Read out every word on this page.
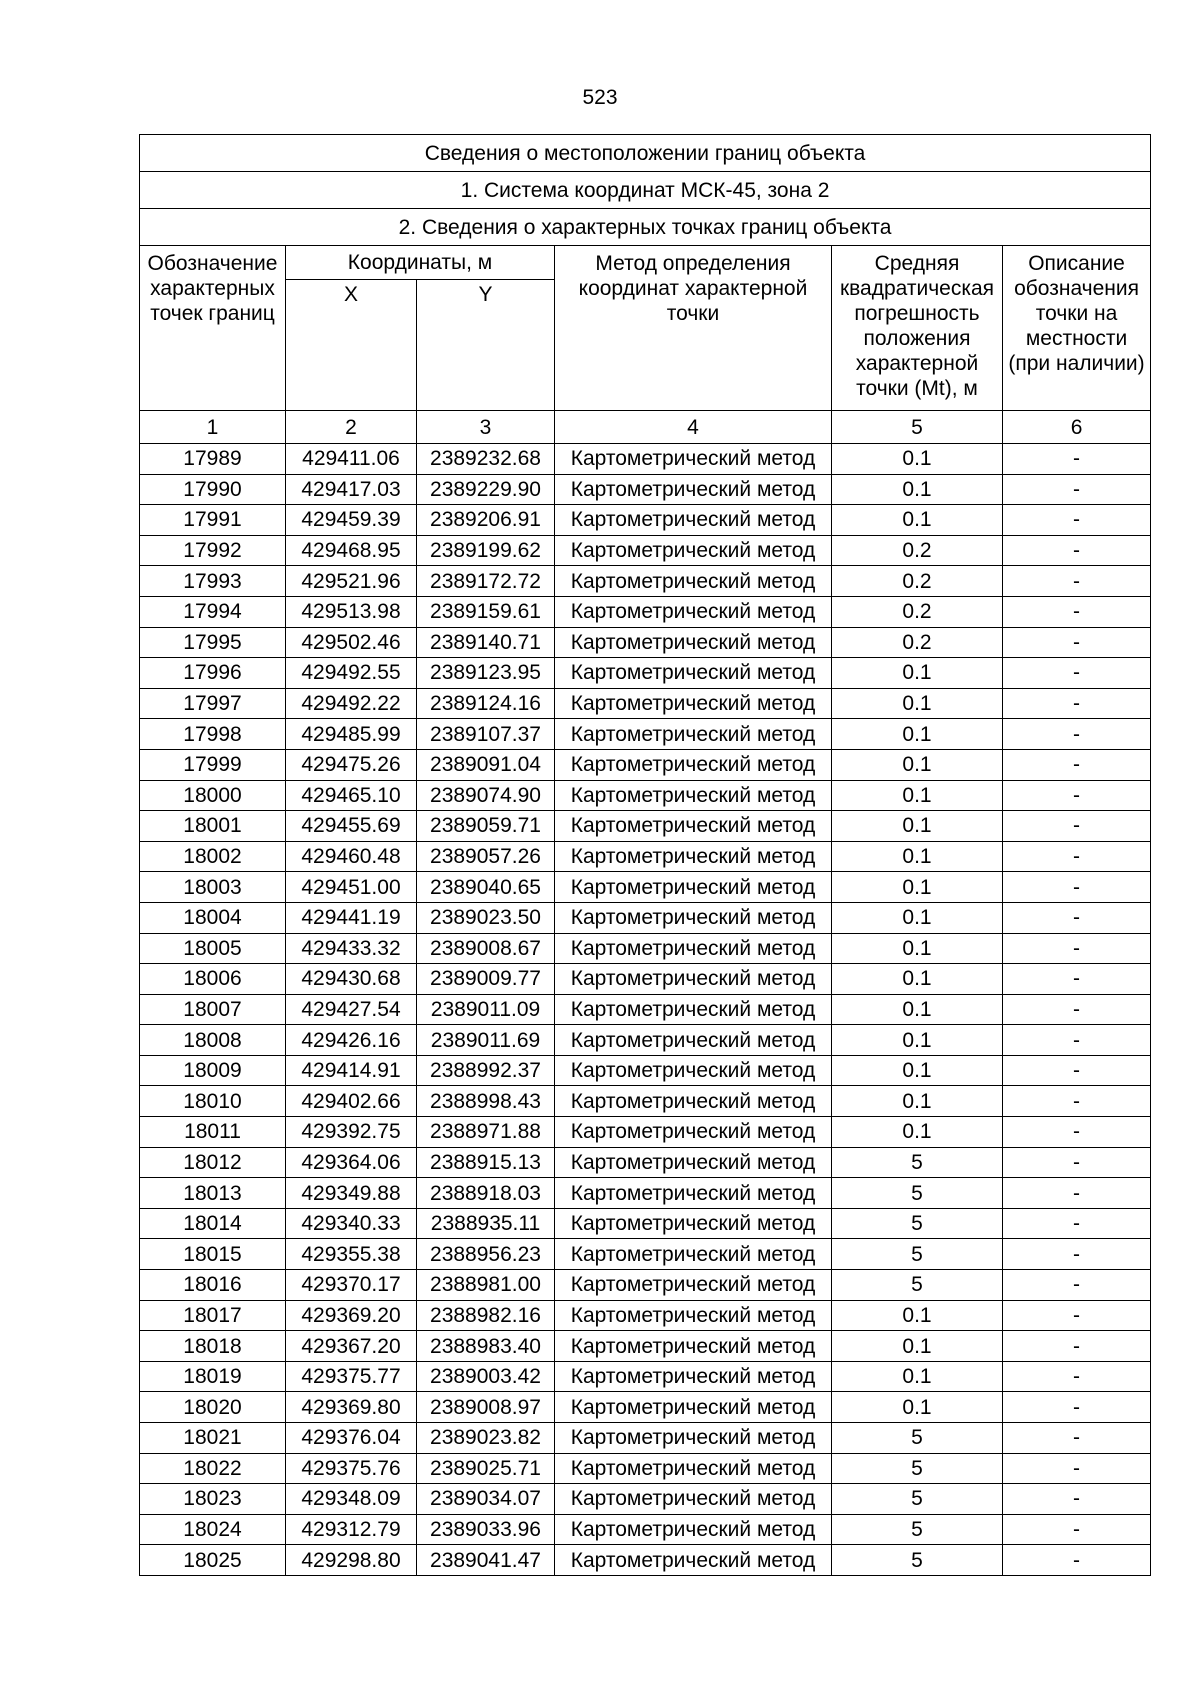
523
Сведения о местоположении границ объекта					
1. Система координат МСК-45, зона 2					
2. Сведения о характерных точках границ объекта					
Обозначение характерных точек границ	Координаты, м		Метод определения координат характерной точки	Средняя квадратическая погрешность положения характерной точки (Mt), м	Описание обозначения точки на местности (при наличии)
	X	Y			
1	2	3	4	5	6
17989	429411.06	2389232.68	Картометрический метод	0.1	-
17990	429417.03	2389229.90	Картометрический метод	0.1	-
17991	429459.39	2389206.91	Картометрический метод	0.1	-
17992	429468.95	2389199.62	Картометрический метод	0.2	-
17993	429521.96	2389172.72	Картометрический метод	0.2	-
17994	429513.98	2389159.61	Картометрический метод	0.2	-
17995	429502.46	2389140.71	Картометрический метод	0.2	-
17996	429492.55	2389123.95	Картометрический метод	0.1	-
17997	429492.22	2389124.16	Картометрический метод	0.1	-
17998	429485.99	2389107.37	Картометрический метод	0.1	-
17999	429475.26	2389091.04	Картометрический метод	0.1	-
18000	429465.10	2389074.90	Картометрический метод	0.1	-
18001	429455.69	2389059.71	Картометрический метод	0.1	-
18002	429460.48	2389057.26	Картометрический метод	0.1	-
18003	429451.00	2389040.65	Картометрический метод	0.1	-
18004	429441.19	2389023.50	Картометрический метод	0.1	-
18005	429433.32	2389008.67	Картометрический метод	0.1	-
18006	429430.68	2389009.77	Картометрический метод	0.1	-
18007	429427.54	2389011.09	Картометрический метод	0.1	-
18008	429426.16	2389011.69	Картометрический метод	0.1	-
18009	429414.91	2388992.37	Картометрический метод	0.1	-
18010	429402.66	2388998.43	Картометрический метод	0.1	-
18011	429392.75	2388971.88	Картометрический метод	0.1	-
18012	429364.06	2388915.13	Картометрический метод	5	-
18013	429349.88	2388918.03	Картометрический метод	5	-
18014	429340.33	2388935.11	Картометрический метод	5	-
18015	429355.38	2388956.23	Картометрический метод	5	-
18016	429370.17	2388981.00	Картометрический метод	5	-
18017	429369.20	2388982.16	Картометрический метод	0.1	-
18018	429367.20	2388983.40	Картометрический метод	0.1	-
18019	429375.77	2389003.42	Картометрический метод	0.1	-
18020	429369.80	2389008.97	Картометрический метод	0.1	-
18021	429376.04	2389023.82	Картометрический метод	5	-
18022	429375.76	2389025.71	Картометрический метод	5	-
18023	429348.09	2389034.07	Картометрический метод	5	-
18024	429312.79	2389033.96	Картометрический метод	5	-
18025	429298.80	2389041.47	Картометрический метод	5	-
